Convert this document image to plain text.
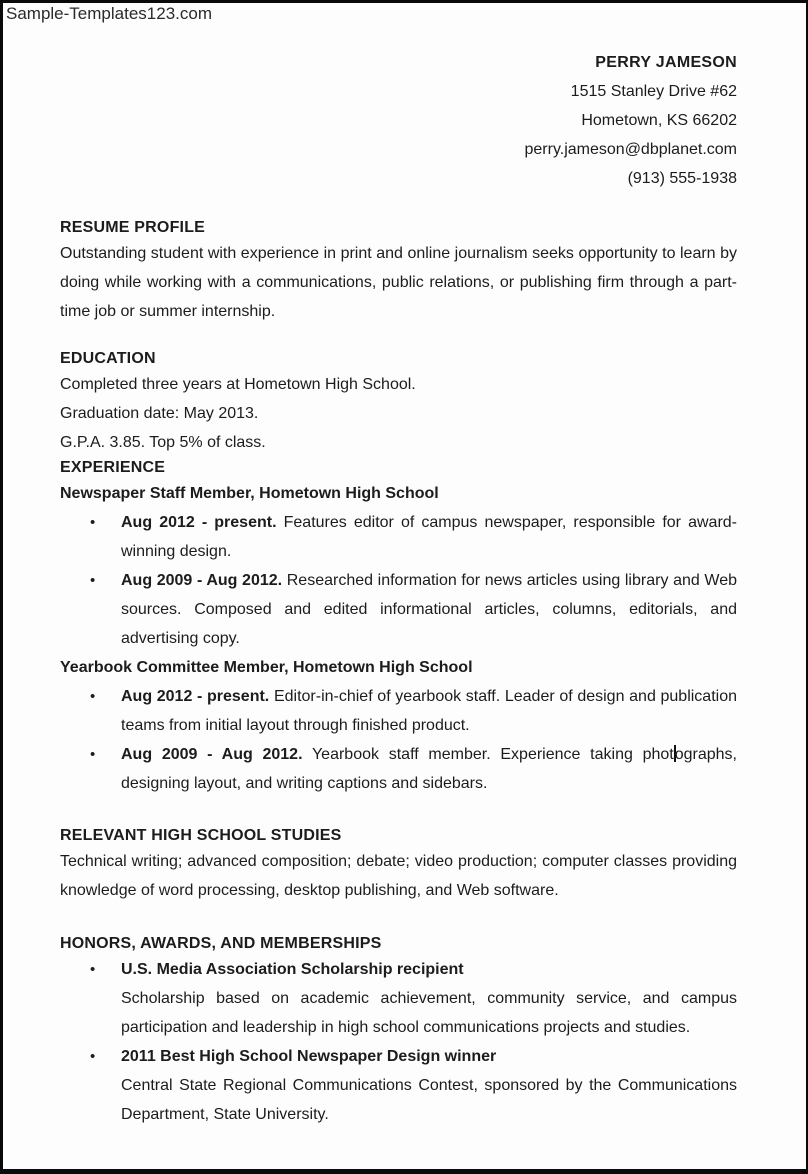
Sample-Templates123.com
PERRY JAMESON
1515 Stanley Drive #62
Hometown, KS 66202
perry.jameson@dbplanet.com
(913) 555-1938
RESUME PROFILE

Outstanding student with experience in print and online journalism seeks opportunity to learn by doing while working with a communications, public relations, or publishing firm through a part-time job or summer internship.

EDUCATION

Completed three years at Hometown High School.

Graduation date: May 2013.

G.P.A. 3.85. Top 5% of class.

EXPERIENCE
Newspaper Staff Member, Hometown High School
• Aug 2012 - present. Features editor of campus newspaper, responsible for award-winning design.
• Aug 2009 - Aug 2012. Researched information for news articles using library and Web sources. Composed and edited informational articles, columns, editorials, and advertising copy.
Yearbook Committee Member, Hometown High School
• Aug 2012 - present. Editor-in-chief of yearbook staff. Leader of design and publication teams from initial layout through finished product.
• Aug 2009 - Aug 2012. Yearbook staff member. Experience taking photographs, designing layout, and writing captions and sidebars.
RELEVANT HIGH SCHOOL STUDIES

Technical writing; advanced composition; debate; video production; computer classes providing knowledge of word processing, desktop publishing, and Web software.

HONORS, AWARDS, AND MEMBERSHIPS
• U.S. Media Association Scholarship recipient

Scholarship based on academic achievement, community service, and campus participation and leadership in high school communications projects and studies.

• 2011 Best High School Newspaper Design winner

Central State Regional Communications Contest, sponsored by the Communications Department, State University.
